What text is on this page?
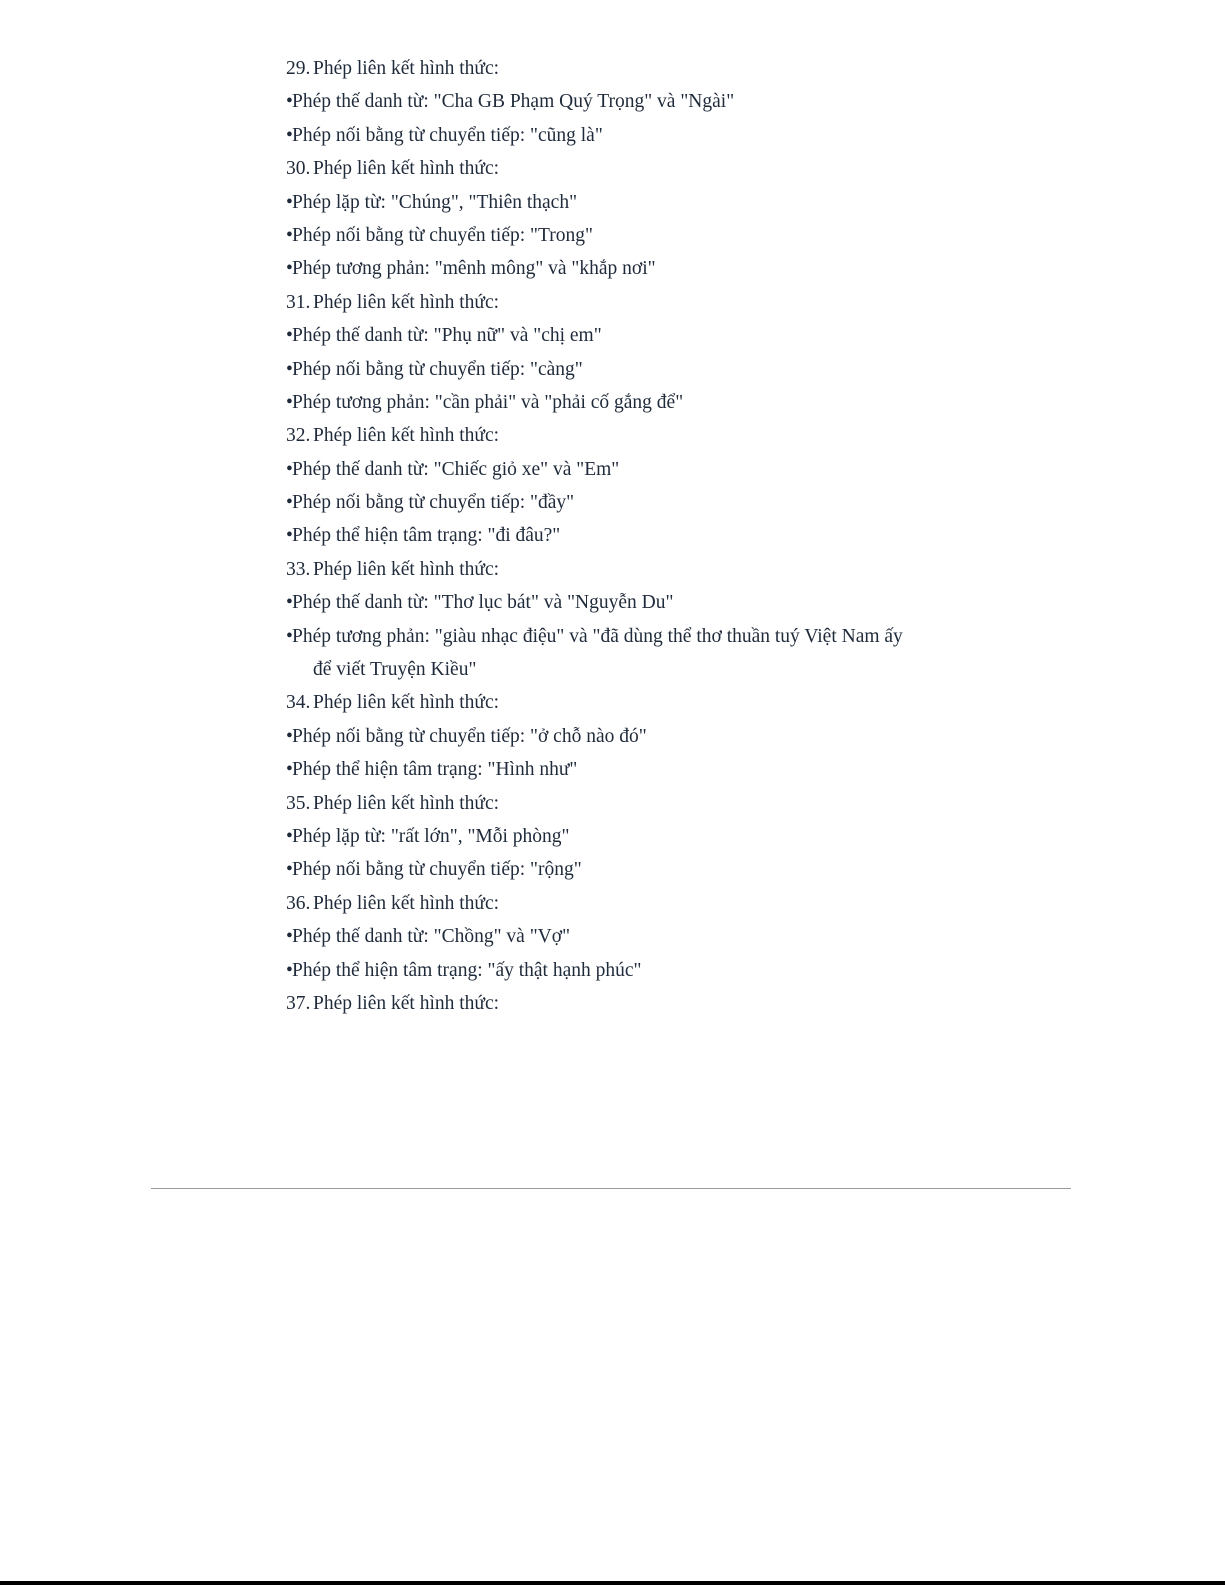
29. Phép liên kết hình thức:
•Phép thế danh từ: "Cha GB Phạm Quý Trọng" và "Ngài"
•Phép nối bằng từ chuyển tiếp: "cũng là"
30. Phép liên kết hình thức:
•Phép lặp từ: "Chúng", "Thiên thạch"
•Phép nối bằng từ chuyển tiếp: "Trong"
•Phép tương phản: "mênh mông" và "khắp nơi"
31. Phép liên kết hình thức:
•Phép thế danh từ: "Phụ nữ" và "chị em"
•Phép nối bằng từ chuyển tiếp: "càng"
•Phép tương phản: "cần phải" và "phải cố gắng để"
32. Phép liên kết hình thức:
•Phép thế danh từ: "Chiếc giỏ xe" và "Em"
•Phép nối bằng từ chuyển tiếp: "đầy"
•Phép thể hiện tâm trạng: "đi đâu?"
33. Phép liên kết hình thức:
•Phép thế danh từ: "Thơ lục bát" và "Nguyễn Du"
•Phép tương phản: "giàu nhạc điệu" và "đã dùng thể thơ thuần tuý Việt Nam ấy
để viết Truyện Kiều"
34. Phép liên kết hình thức:
•Phép nối bằng từ chuyển tiếp: "ở chỗ nào đó"
•Phép thể hiện tâm trạng: "Hình như"
35. Phép liên kết hình thức:
•Phép lặp từ: "rất lớn", "Mỗi phòng"
•Phép nối bằng từ chuyển tiếp: "rộng"
36. Phép liên kết hình thức:
•Phép thế danh từ: "Chồng" và "Vợ"
•Phép thể hiện tâm trạng: "ấy thật hạnh phúc"
37. Phép liên kết hình thức:
